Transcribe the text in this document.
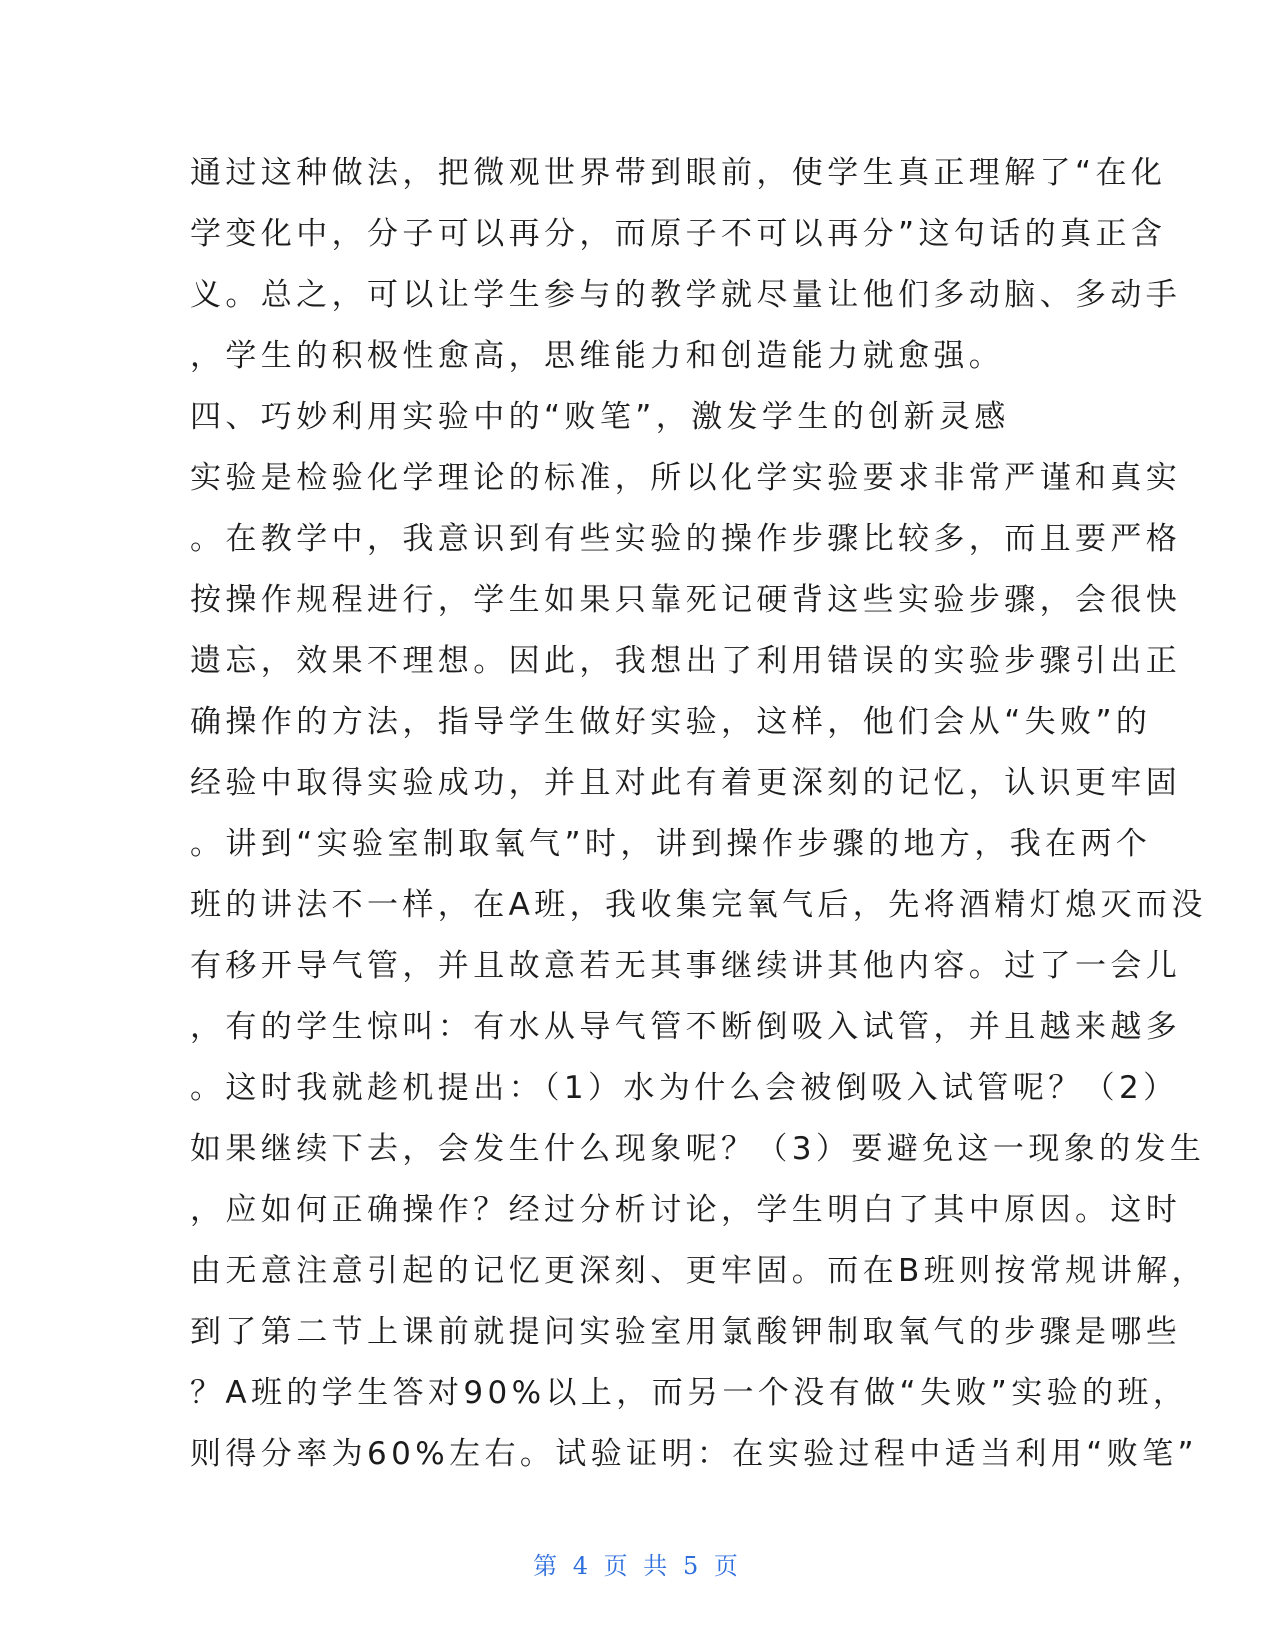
通过这种做法，把微观世界带到眼前，使学生真正理解了“在化
学变化中，分子可以再分，而原子不可以再分”这句话的真正含
义。总之，可以让学生参与的教学就尽量让他们多动脑、多动手
，学生的积极性愈高，思维能力和创造能力就愈强。
四、巧妙利用实验中的“败笔”，激发学生的创新灵感
实验是检验化学理论的标准，所以化学实验要求非常严谨和真实
。在教学中，我意识到有些实验的操作步骤比较多，而且要严格
按操作规程进行，学生如果只靠死记硬背这些实验步骤，会很快
遗忘，效果不理想。因此，我想出了利用错误的实验步骤引出正
确操作的方法，指导学生做好实验，这样，他们会从“失败”的
经验中取得实验成功，并且对此有着更深刻的记忆，认识更牢固
。讲到“实验室制取氧气”时，讲到操作步骤的地方，我在两个
班的讲法不一样，在A班，我收集完氧气后，先将酒精灯熄灭而没
有移开导气管，并且故意若无其事继续讲其他内容。过了一会儿
，有的学生惊叫：有水从导气管不断倒吸入试管，并且越来越多
。这时我就趁机提出：（1）水为什么会被倒吸入试管呢？（2）
如果继续下去，会发生什么现象呢？（3）要避免这一现象的发生
，应如何正确操作？经过分析讨论，学生明白了其中原因。这时
由无意注意引起的记忆更深刻、更牢固。而在B班则按常规讲解，
到了第二节上课前就提问实验室用氯酸钾制取氧气的步骤是哪些
？A班的学生答对90%以上，而另一个没有做“失败”实验的班，
则得分率为60%左右。试验证明：在实验过程中适当利用“败笔”
第 4 页 共 5 页
